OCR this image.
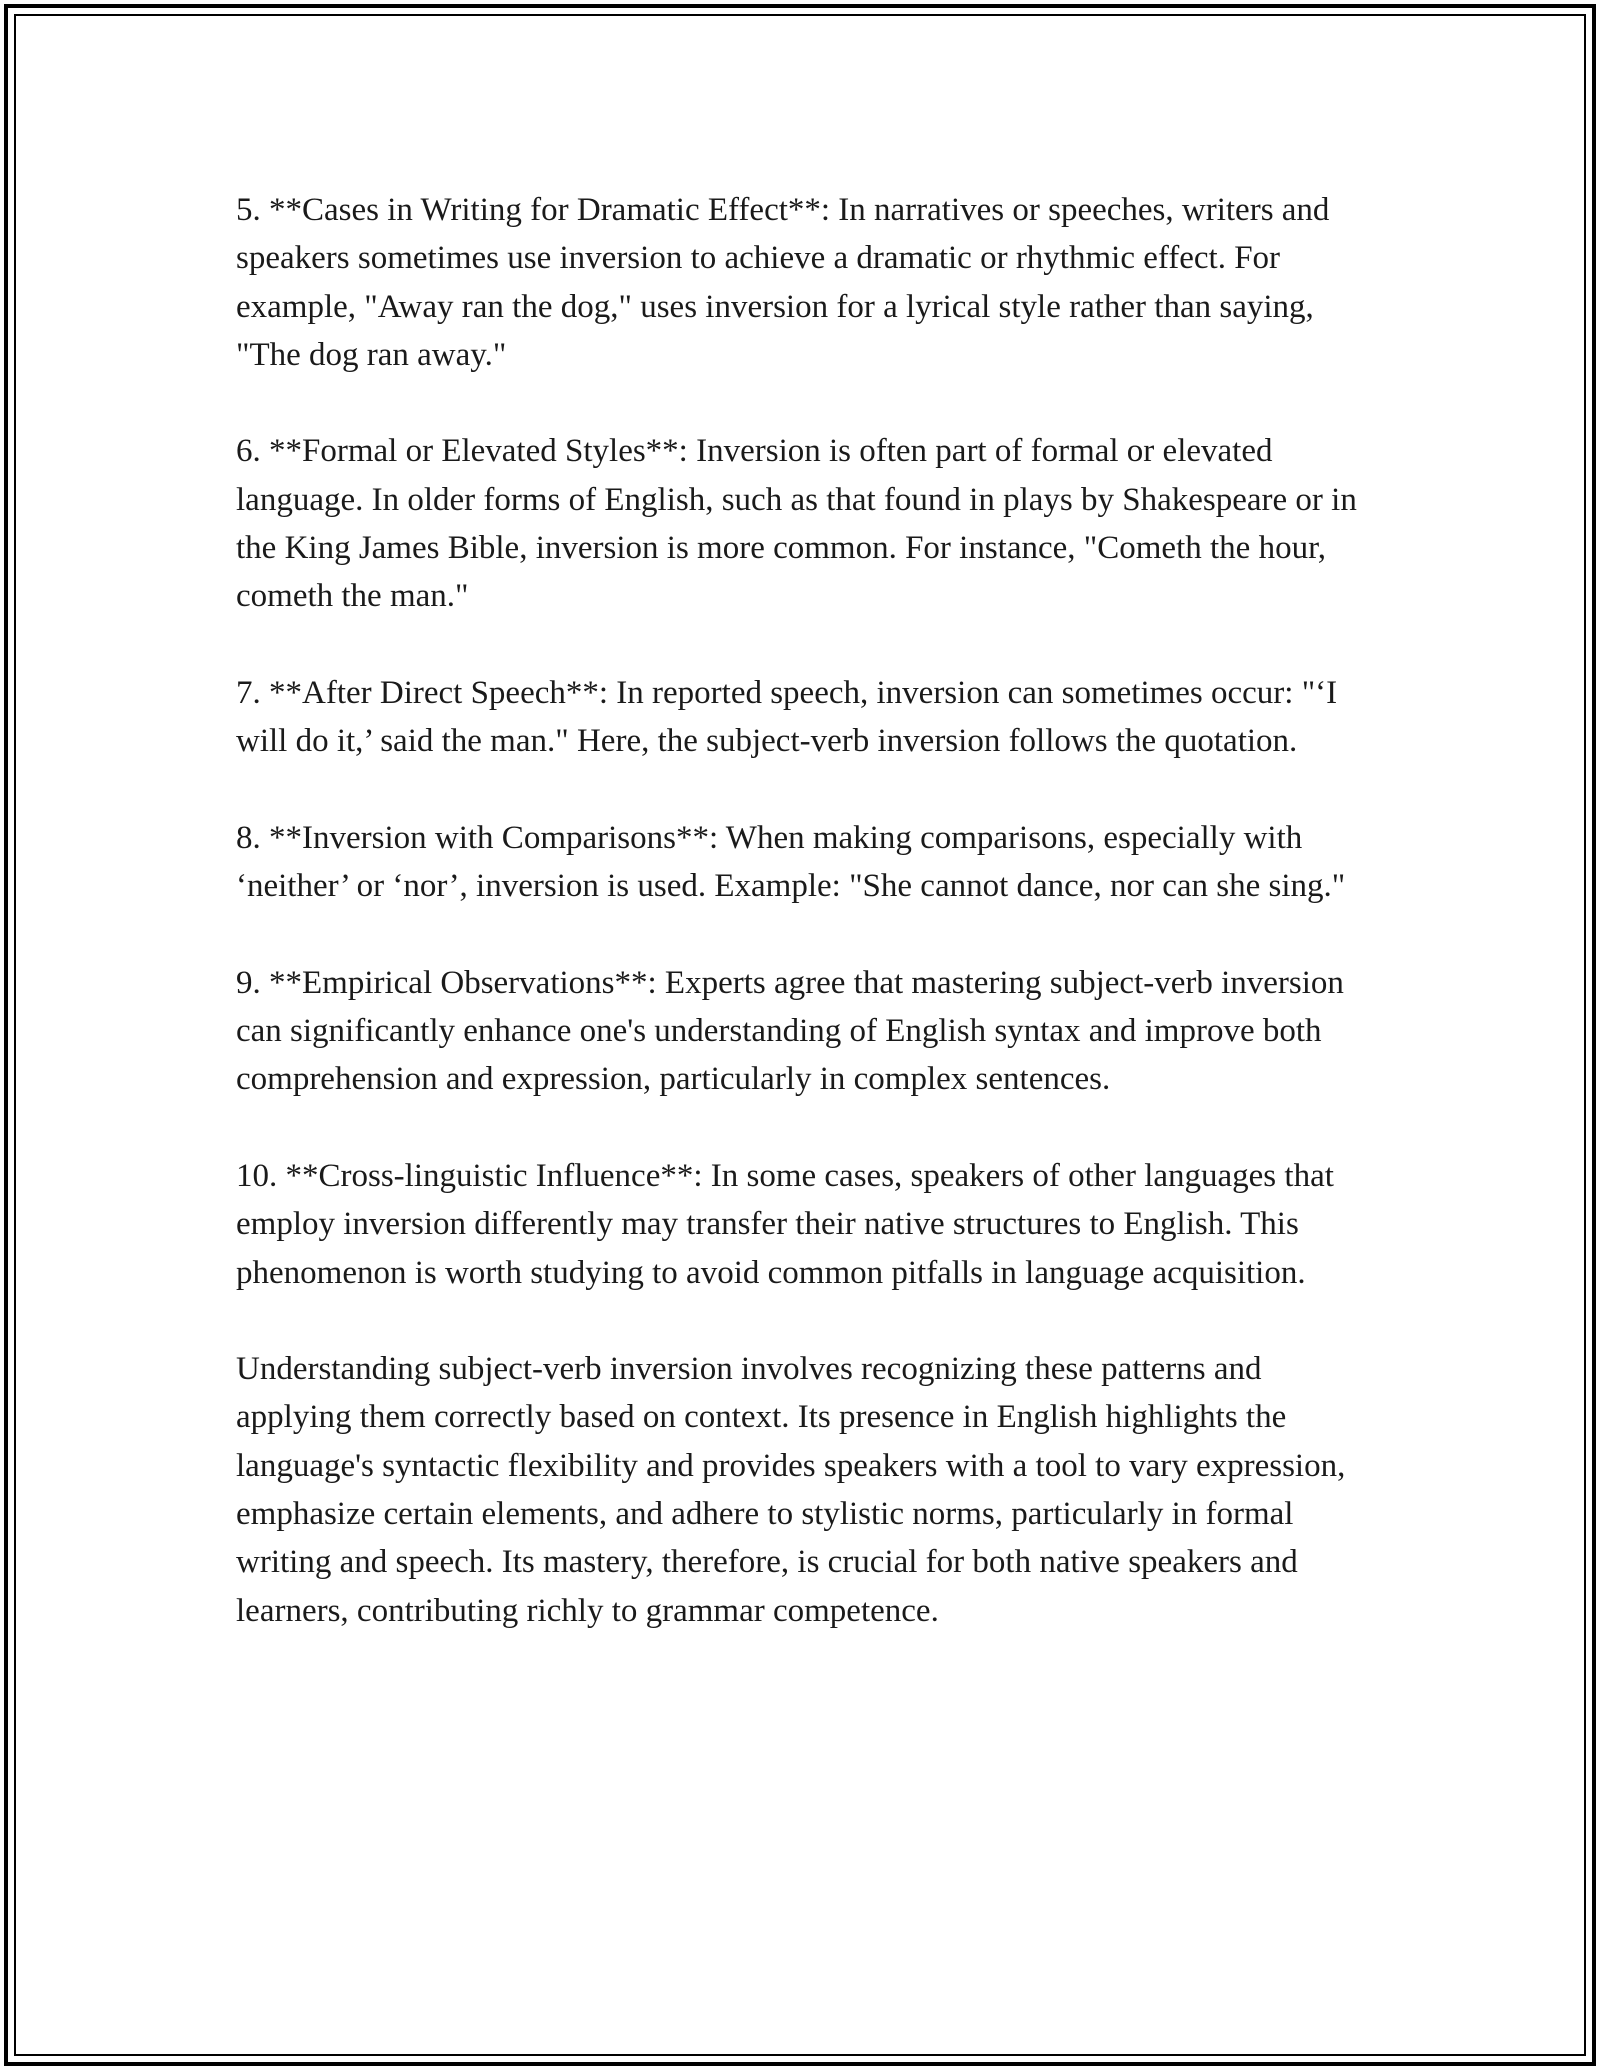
5. **Cases in Writing for Dramatic Effect**: In narratives or speeches, writers and speakers sometimes use inversion to achieve a dramatic or rhythmic effect. For example, "Away ran the dog," uses inversion for a lyrical style rather than saying, "The dog ran away."

6. **Formal or Elevated Styles**: Inversion is often part of formal or elevated language. In older forms of English, such as that found in plays by Shakespeare or in the King James Bible, inversion is more common. For instance, "Cometh the hour, cometh the man."

7. **After Direct Speech**: In reported speech, inversion can sometimes occur: "‘I will do it,’ said the man." Here, the subject-verb inversion follows the quotation.

8. **Inversion with Comparisons**: When making comparisons, especially with ‘neither’ or ‘nor’, inversion is used. Example: "She cannot dance, nor can she sing."

9. **Empirical Observations**: Experts agree that mastering subject-verb inversion can significantly enhance one's understanding of English syntax and improve both comprehension and expression, particularly in complex sentences.

10. **Cross-linguistic Influence**: In some cases, speakers of other languages that employ inversion differently may transfer their native structures to English. This phenomenon is worth studying to avoid common pitfalls in language acquisition.

Understanding subject-verb inversion involves recognizing these patterns and applying them correctly based on context. Its presence in English highlights the language's syntactic flexibility and provides speakers with a tool to vary expression, emphasize certain elements, and adhere to stylistic norms, particularly in formal writing and speech. Its mastery, therefore, is crucial for both native speakers and learners, contributing richly to grammar competence.
